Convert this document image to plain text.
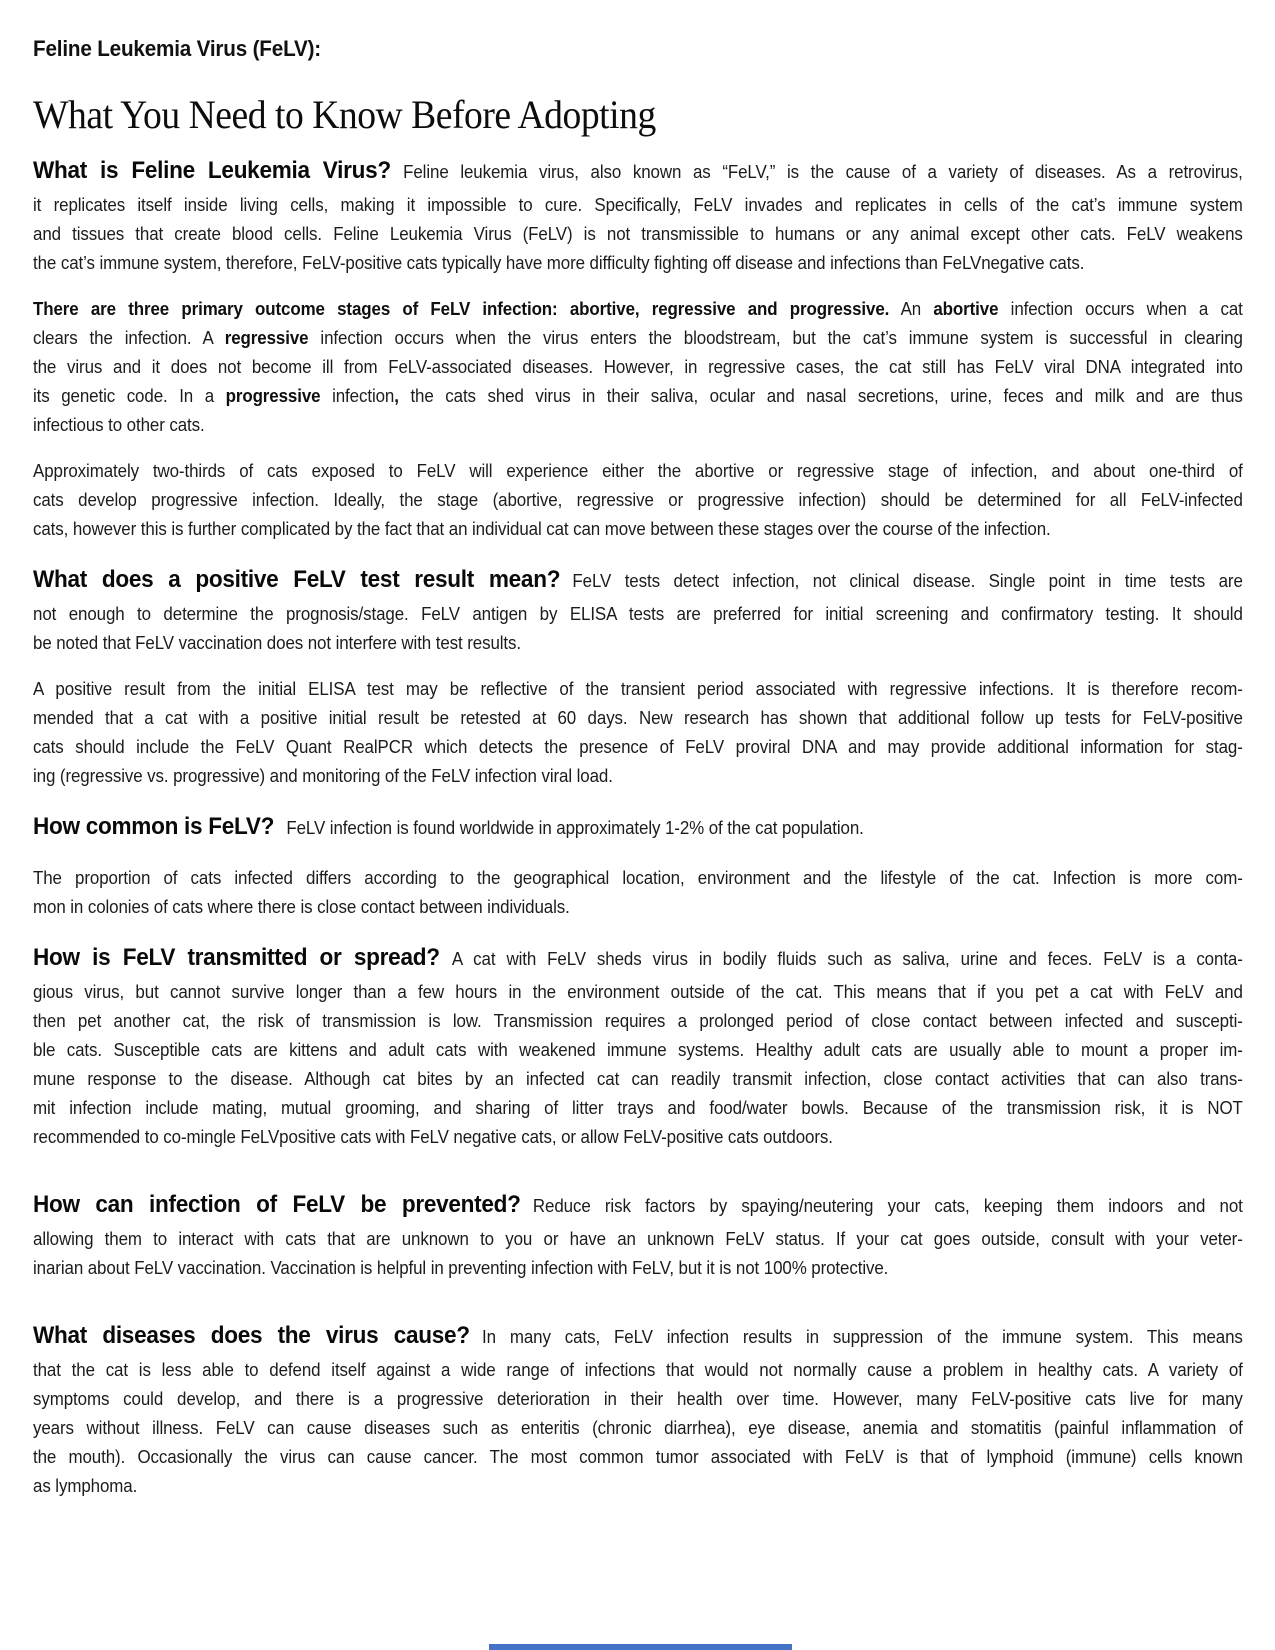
Feline Leukemia Virus (FeLV):
What You Need to Know Before Adopting
What is Feline Leukemia Virus? Feline leukemia virus, also known as “FeLV,” is the cause of a variety of diseases. As a retrovirus,
it replicates itself inside living cells, making it impossible to cure. Specifically, FeLV invades and replicates in cells of the cat’s immune system
and tissues that create blood cells. Feline Leukemia Virus (FeLV) is not transmissible to humans or any animal except other cats. FeLV weakens
the cat’s immune system, therefore, FeLV-positive cats typically have more difficulty fighting off disease and infections than FeLVnegative cats.
There are three primary outcome stages of FeLV infection: abortive, regressive and progressive. An abortive infection occurs when a cat
clears the infection. A regressive infection occurs when the virus enters the bloodstream, but the cat’s immune system is successful in clearing
the virus and it does not become ill from FeLV-associated diseases. However, in regressive cases, the cat still has FeLV viral DNA integrated into
its genetic code. In a progressive infection, the cats shed virus in their saliva, ocular and nasal secretions, urine, feces and milk and are thus
infectious to other cats.
Approximately two-thirds of cats exposed to FeLV will experience either the abortive or regressive stage of infection, and about one-third of
cats develop progressive infection. Ideally, the stage (abortive, regressive or progressive infection) should be determined for all FeLV-infected
cats, however this is further complicated by the fact that an individual cat can move between these stages over the course of the infection.
What does a positive FeLV test result mean? FeLV tests detect infection, not clinical disease. Single point in time tests are
not enough to determine the prognosis/stage. FeLV antigen by ELISA tests are preferred for initial screening and confirmatory testing. It should
be noted that FeLV vaccination does not interfere with test results.
A positive result from the initial ELISA test may be reflective of the transient period associated with regressive infections. It is therefore recom-
mended that a cat with a positive initial result be retested at 60 days. New research has shown that additional follow up tests for FeLV-positive
cats should include the FeLV Quant RealPCR which detects the presence of FeLV proviral DNA and may provide additional information for stag-
ing (regressive vs. progressive) and monitoring of the FeLV infection viral load.
How common is FeLV? FeLV infection is found worldwide in approximately 1-2% of the cat population.
The proportion of cats infected differs according to the geographical location, environment and the lifestyle of the cat. Infection is more com-
mon in colonies of cats where there is close contact between individuals.
How is FeLV transmitted or spread? A cat with FeLV sheds virus in bodily fluids such as saliva, urine and feces. FeLV is a conta-
gious virus, but cannot survive longer than a few hours in the environment outside of the cat. This means that if you pet a cat with FeLV and
then pet another cat, the risk of transmission is low. Transmission requires a prolonged period of close contact between infected and suscepti-
ble cats. Susceptible cats are kittens and adult cats with weakened immune systems. Healthy adult cats are usually able to mount a proper im-
mune response to the disease. Although cat bites by an infected cat can readily transmit infection, close contact activities that can also trans-
mit infection include mating, mutual grooming, and sharing of litter trays and food/water bowls. Because of the transmission risk, it is NOT
recommended to co-mingle FeLVpositive cats with FeLV negative cats, or allow FeLV-positive cats outdoors.
How can infection of FeLV be prevented? Reduce risk factors by spaying/neutering your cats, keeping them indoors and not
allowing them to interact with cats that are unknown to you or have an unknown FeLV status. If your cat goes outside, consult with your veter-
inarian about FeLV vaccination. Vaccination is helpful in preventing infection with FeLV, but it is not 100% protective.
What diseases does the virus cause? In many cats, FeLV infection results in suppression of the immune system. This means
that the cat is less able to defend itself against a wide range of infections that would not normally cause a problem in healthy cats. A variety of
symptoms could develop, and there is a progressive deterioration in their health over time. However, many FeLV-positive cats live for many
years without illness. FeLV can cause diseases such as enteritis (chronic diarrhea), eye disease, anemia and stomatitis (painful inflammation of
the mouth). Occasionally the virus can cause cancer. The most common tumor associated with FeLV is that of lymphoid (immune) cells known
as lymphoma.
